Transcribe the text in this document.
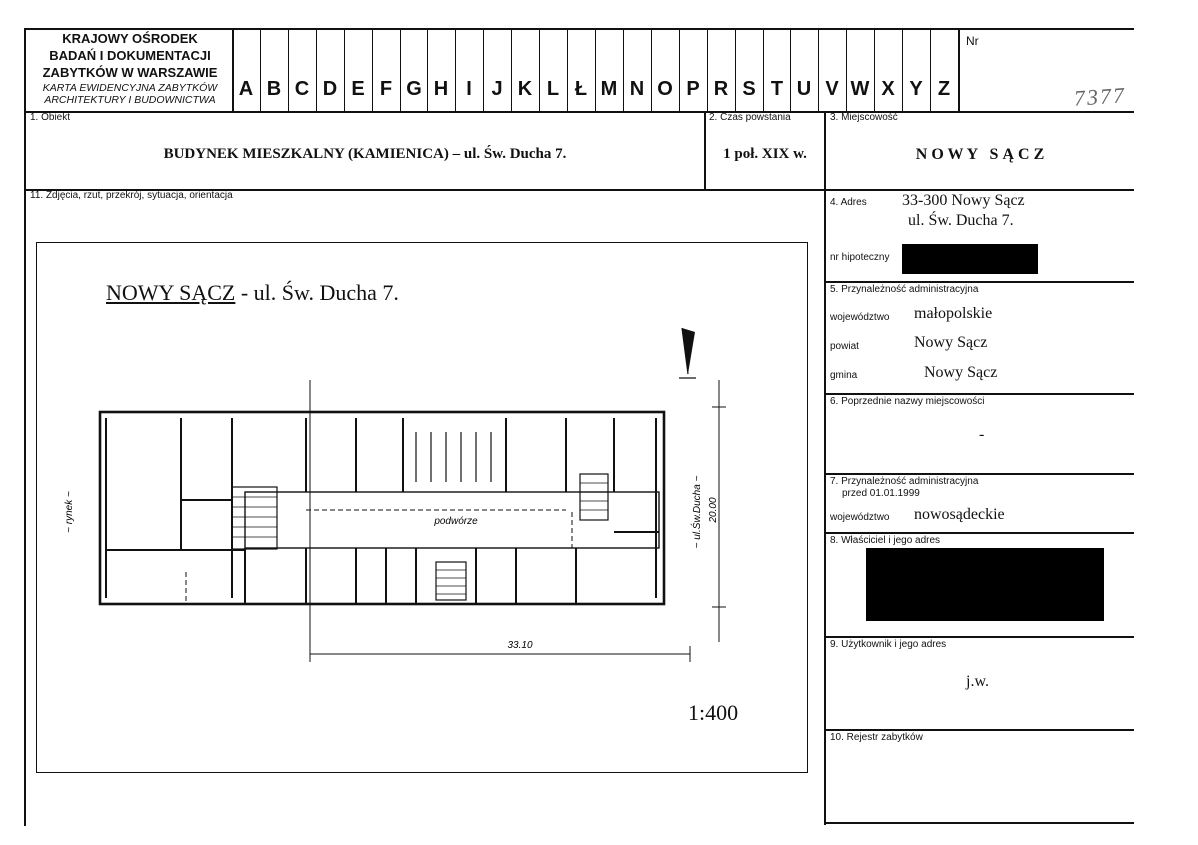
KRAJOWY OŚRODEK
BADAŃ I DOKUMENTACJI
ZABYTKÓW W WARSZAWIE
KARTA EWIDENCYJNA ZABYTKÓW
ARCHITEKTURY I BUDOWNICTWA	A B C D E F G H I J K L Ł M N O P R S T U V W X Y Z
Nr
7377
1. Obiekt
BUDYNEK MIESZKALNY (KAMIENICA) – ul. Św. Ducha 7.
2. Czas powstania
1 poł. XIX w.
3. Miejscowość
N O W Y   S Ą C Z
11. Zdjęcia, rzut, przekrój, sytuacja, orientacja
NOWY SĄCZ - ul. Św. Ducha 7.
podwórze
33.10
~ rynek ~	~ ul.Św.Ducha ~ 20.00
1:400
4. Adres 33-300 Nowy Sącz
ul. Św. Ducha 7.
nr hipoteczny
5. Przynależność administracyjna
województwo małopolskie
powiat	Nowy Sącz
gmina	Nowy Sącz
6. Poprzednie nazwy miejscowości
-
7. Przynależność administracyjna
przed 01.01.1999
województwo nowosądeckie
8. Właściciel i jego adres
9. Użytkownik i jego adres
j.w.
10. Rejestr zabytków
